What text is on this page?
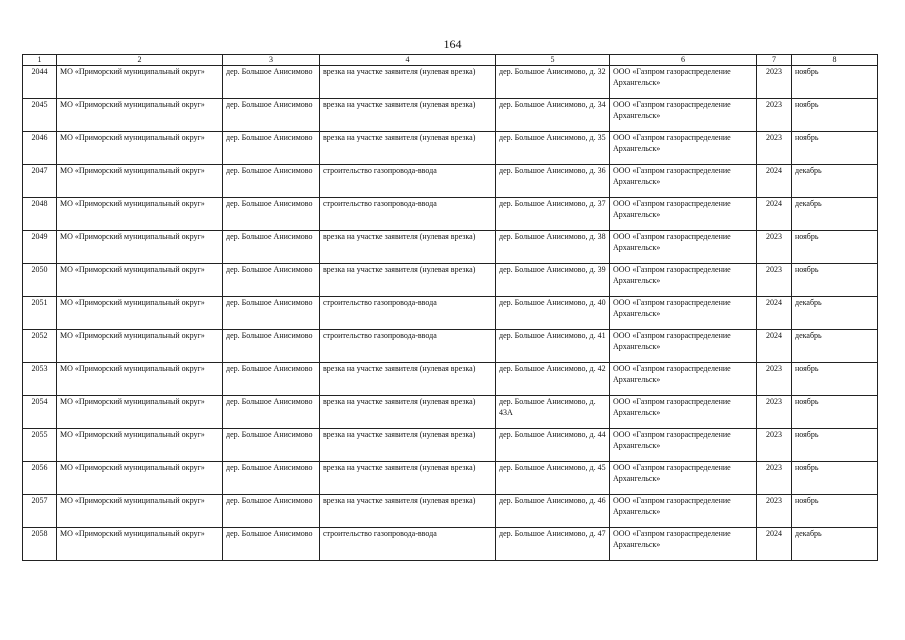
164
1	2	3	4	5	6	7	8
2044	МО «Приморский муниципальный округ»	дер. Большое Анисимово	врезка на участке заявителя (нулевая врезка)	дер. Большое Анисимово, д. 32	ООО «Газпром газораспределение Архангельск»	2023	ноябрь
2045	МО «Приморский муниципальный округ»	дер. Большое Анисимово	врезка на участке заявителя (нулевая врезка)	дер. Большое Анисимово, д. 34	ООО «Газпром газораспределение Архангельск»	2023	ноябрь
2046	МО «Приморский муниципальный округ»	дер. Большое Анисимово	врезка на участке заявителя (нулевая врезка)	дер. Большое Анисимово, д. 35	ООО «Газпром газораспределение Архангельск»	2023	ноябрь
2047	МО «Приморский муниципальный округ»	дер. Большое Анисимово	строительство газопровода-ввода	дер. Большое Анисимово, д. 36	ООО «Газпром газораспределение Архангельск»	2024	декабрь
2048	МО «Приморский муниципальный округ»	дер. Большое Анисимово	строительство газопровода-ввода	дер. Большое Анисимово, д. 37	ООО «Газпром газораспределение Архангельск»	2024	декабрь
2049	МО «Приморский муниципальный округ»	дер. Большое Анисимово	врезка на участке заявителя (нулевая врезка)	дер. Большое Анисимово, д. 38	ООО «Газпром газораспределение Архангельск»	2023	ноябрь
2050	МО «Приморский муниципальный округ»	дер. Большое Анисимово	врезка на участке заявителя (нулевая врезка)	дер. Большое Анисимово, д. 39	ООО «Газпром газораспределение Архангельск»	2023	ноябрь
2051	МО «Приморский муниципальный округ»	дер. Большое Анисимово	строительство газопровода-ввода	дер. Большое Анисимово, д. 40	ООО «Газпром газораспределение Архангельск»	2024	декабрь
2052	МО «Приморский муниципальный округ»	дер. Большое Анисимово	строительство газопровода-ввода	дер. Большое Анисимово, д. 41	ООО «Газпром газораспределение Архангельск»	2024	декабрь
2053	МО «Приморский муниципальный округ»	дер. Большое Анисимово	врезка на участке заявителя (нулевая врезка)	дер. Большое Анисимово, д. 42	ООО «Газпром газораспределение Архангельск»	2023	ноябрь
2054	МО «Приморский муниципальный округ»	дер. Большое Анисимово	врезка на участке заявителя (нулевая врезка)	дер. Большое Анисимово, д. 43А	ООО «Газпром газораспределение Архангельск»	2023	ноябрь
2055	МО «Приморский муниципальный округ»	дер. Большое Анисимово	врезка на участке заявителя (нулевая врезка)	дер. Большое Анисимово, д. 44	ООО «Газпром газораспределение Архангельск»	2023	ноябрь
2056	МО «Приморский муниципальный округ»	дер. Большое Анисимово	врезка на участке заявителя (нулевая врезка)	дер. Большое Анисимово, д. 45	ООО «Газпром газораспределение Архангельск»	2023	ноябрь
2057	МО «Приморский муниципальный округ»	дер. Большое Анисимово	врезка на участке заявителя (нулевая врезка)	дер. Большое Анисимово, д. 46	ООО «Газпром газораспределение Архангельск»	2023	ноябрь
2058	МО «Приморский муниципальный округ»	дер. Большое Анисимово	строительство газопровода-ввода	дер. Большое Анисимово, д. 47	ООО «Газпром газораспределение Архангельск»	2024	декабрь
